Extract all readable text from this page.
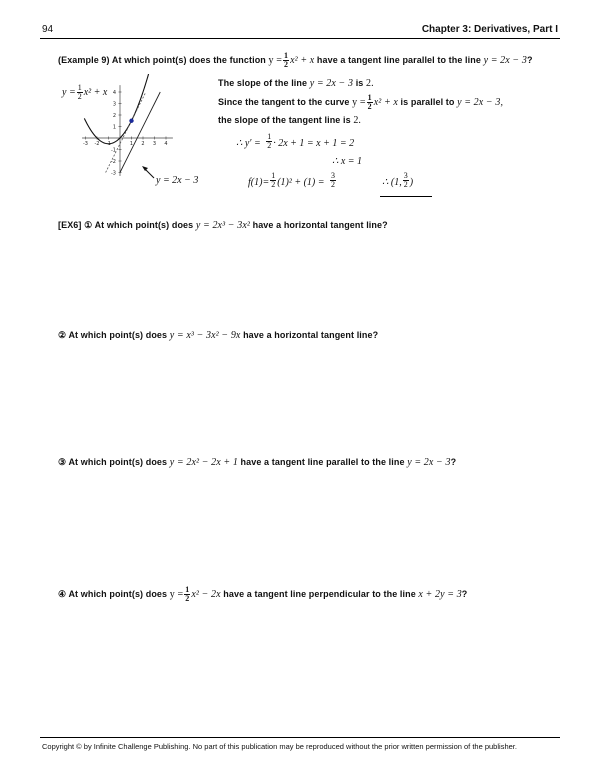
94	Chapter 3: Derivatives, Part I
(Example 9) At which point(s) does the function $y = \frac{1}{2} x^2 + x$ have a tangent line parallel to the line y = 2x − 3?
-3 -2 -1	1 2 3 4
-3
-2
-1
1
2
3
4
$y = \frac{1}{2} x^2 + x$
y = 2x − 3
The slope of the line y = 2x − 3 is 2.
Since the tangent to the curve $y = \frac{1}{2} x^2 + x$ is parallel to y = 2x − 3,
the slope of the tangent line is 2.
∴ $y' = \frac{1}{2} \cdot 2x + 1 = x + 1 = 2$
∴ x = 1
$f(1)= \frac{1}{2} (1)^2 + (1) = \frac{3}{2}$	∴ (1, $\frac{3}{2}$ )
[EX6] ① At which point(s) does y = 2x³ − 3x² have a horizontal tangent line?
② At which point(s) does y = x³ − 3x² − 9x have a horizontal tangent line?
③ At which point(s) does y = 2x² − 2x + 1 have a tangent line parallel to the line y = 2x − 3?
④ At which point(s) does $y = \frac{1}{2} x^2 - 2x$ have a tangent line perpendicular to the line x + 2y = 3?
Copyright © by Infinite Challenge Publishing. No part of this publication may be reproduced without the prior written permission of the publisher.
